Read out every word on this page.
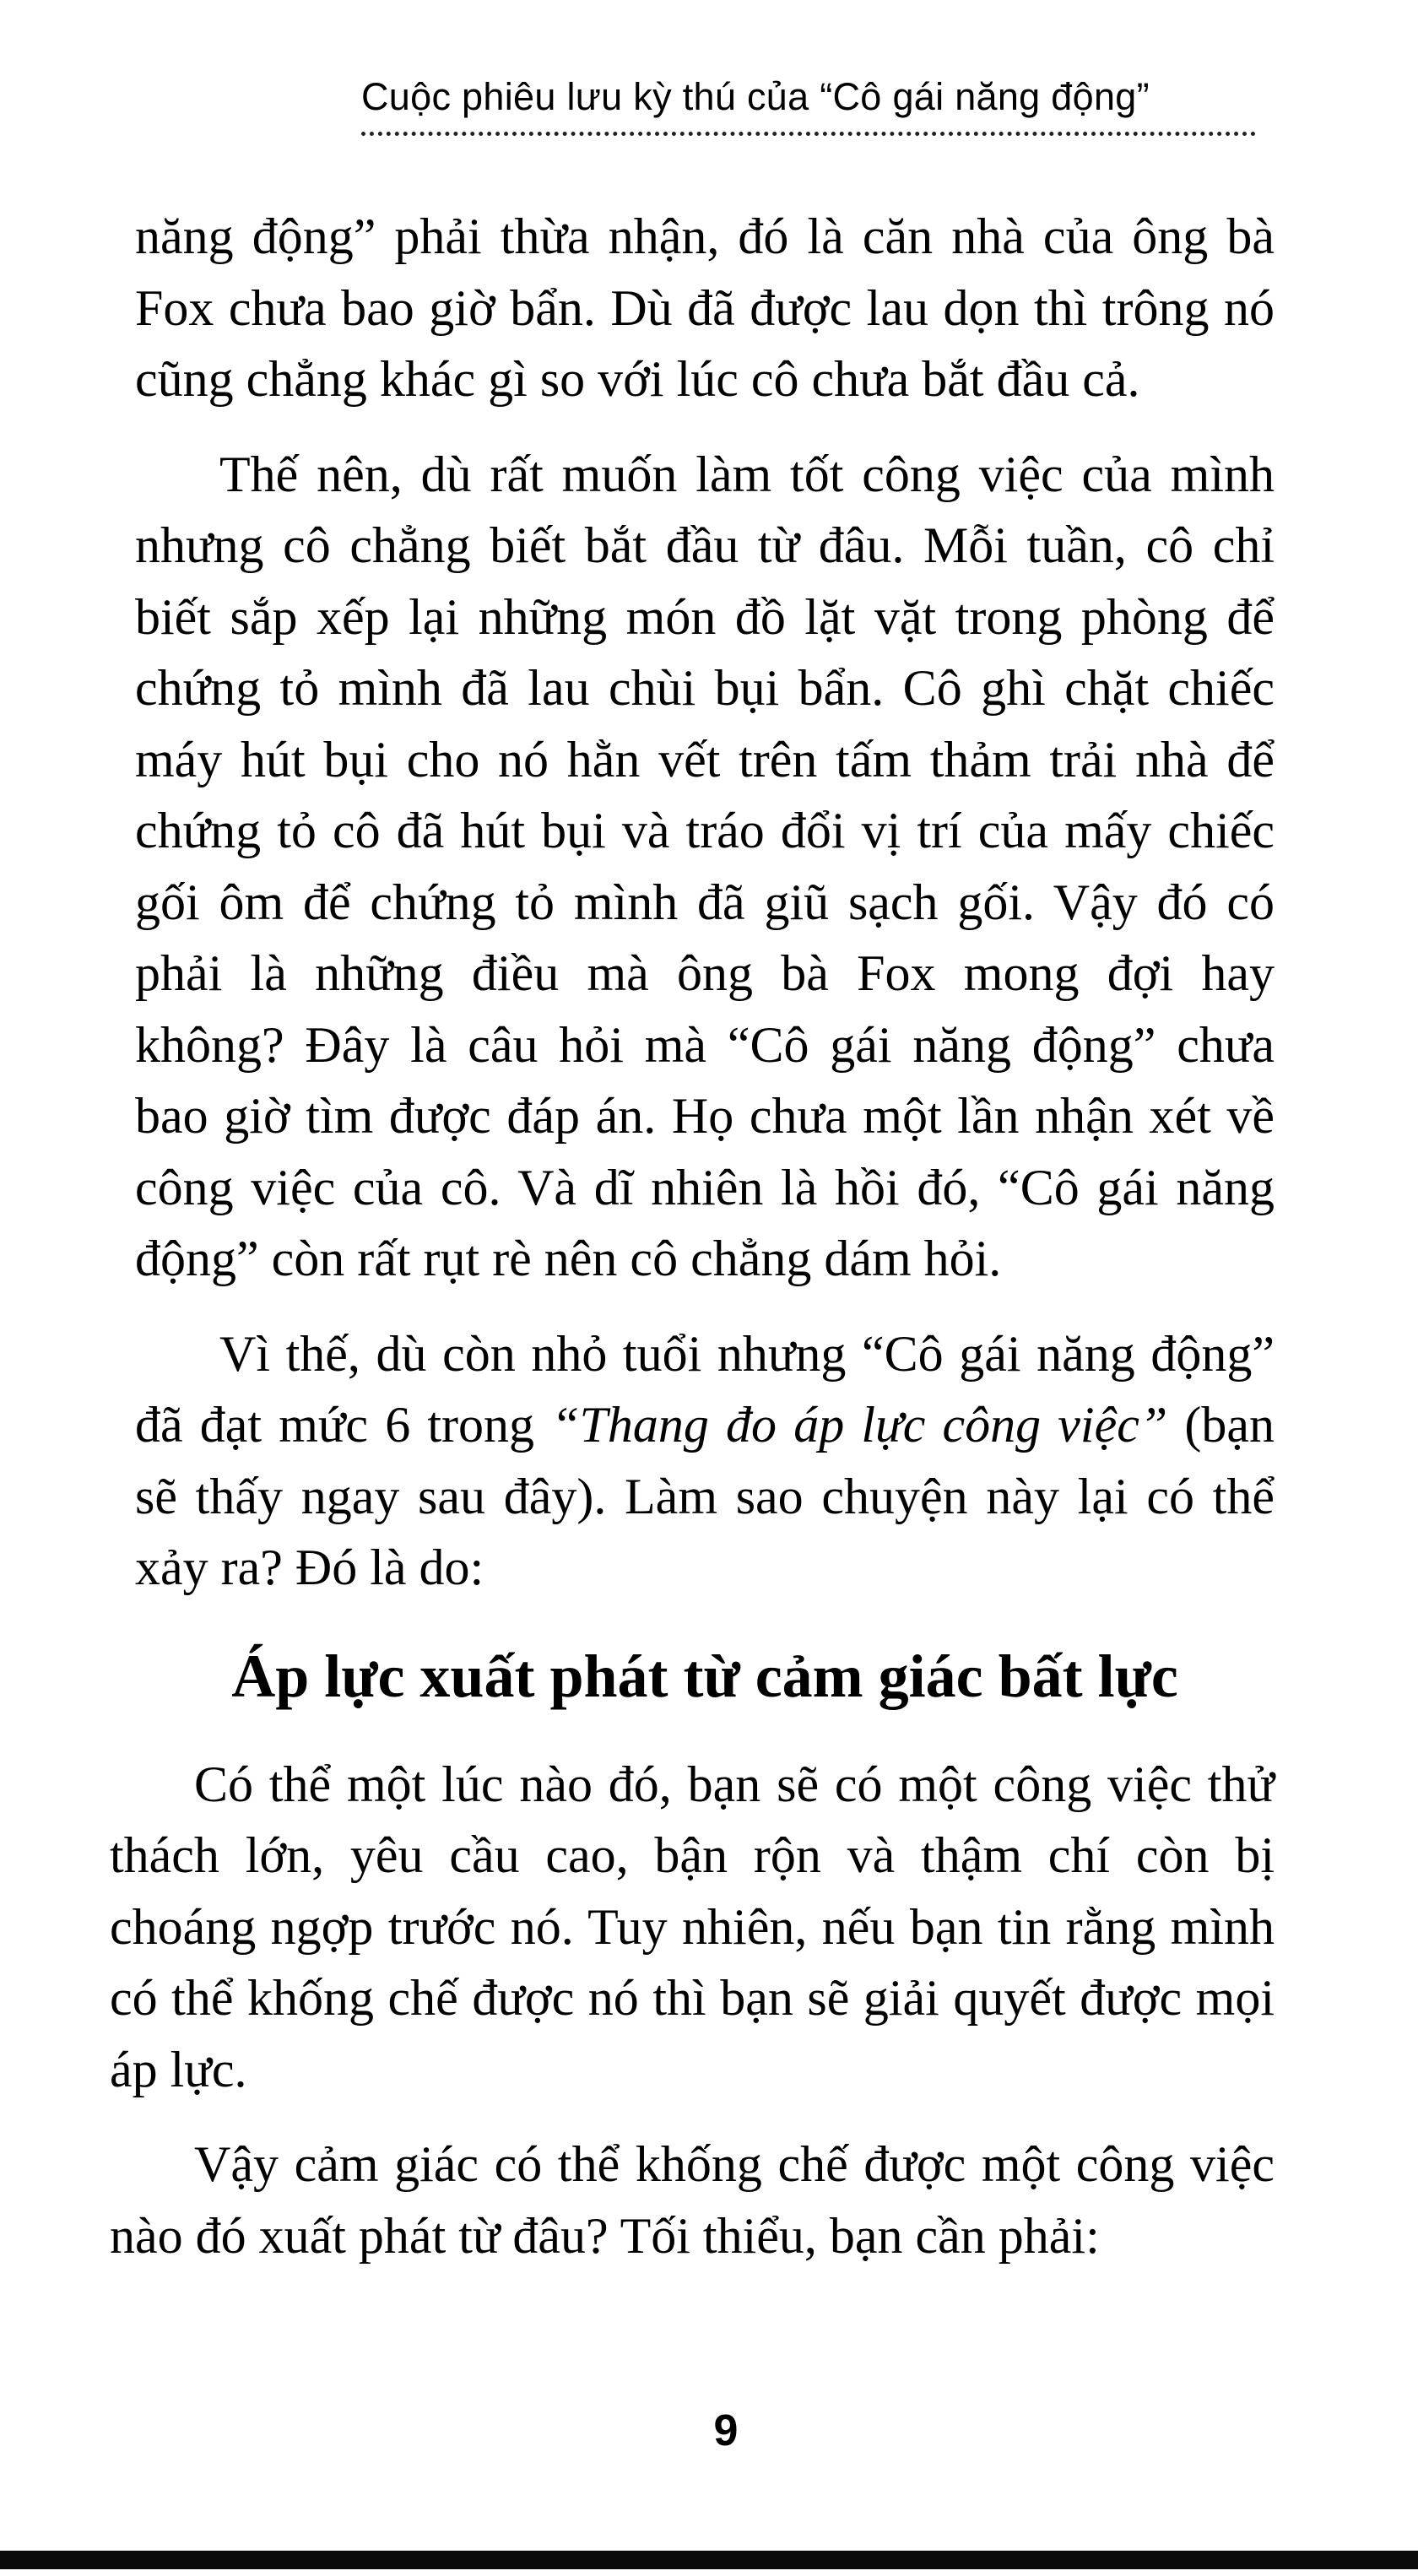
Cuộc phiêu lưu kỳ thú của “Cô gái năng động”

năng động” phải thừa nhận, đó là căn nhà của ông bà Fox chưa bao giờ bẩn. Dù đã được lau dọn thì trông nó cũng chẳng khác gì so với lúc cô chưa bắt đầu cả.

Thế nên, dù rất muốn làm tốt công việc của mình nhưng cô chẳng biết bắt đầu từ đâu. Mỗi tuần, cô chỉ biết sắp xếp lại những món đồ lặt vặt trong phòng để chứng tỏ mình đã lau chùi bụi bẩn. Cô ghì chặt chiếc máy hút bụi cho nó hằn vết trên tấm thảm trải nhà để chứng tỏ cô đã hút bụi và tráo đổi vị trí của mấy chiếc gối ôm để chứng tỏ mình đã giũ sạch gối. Vậy đó có phải là những điều mà ông bà Fox mong đợi hay không? Đây là câu hỏi mà “Cô gái năng động” chưa bao giờ tìm được đáp án. Họ chưa một lần nhận xét về công việc của cô. Và dĩ nhiên là hồi đó, “Cô gái năng động” còn rất rụt rè nên cô chẳng dám hỏi.

Vì thế, dù còn nhỏ tuổi nhưng “Cô gái năng động” đã đạt mức 6 trong “Thang đo áp lực công việc” (bạn sẽ thấy ngay sau đây). Làm sao chuyện này lại có thể xảy ra? Đó là do:

Áp lực xuất phát từ cảm giác bất lực

Có thể một lúc nào đó, bạn sẽ có một công việc thử thách lớn, yêu cầu cao, bận rộn và thậm chí còn bị choáng ngợp trước nó. Tuy nhiên, nếu bạn tin rằng mình có thể khống chế được nó thì bạn sẽ giải quyết được mọi áp lực.

Vậy cảm giác có thể khống chế được một công việc nào đó xuất phát từ đâu? Tối thiểu, bạn cần phải:

9
